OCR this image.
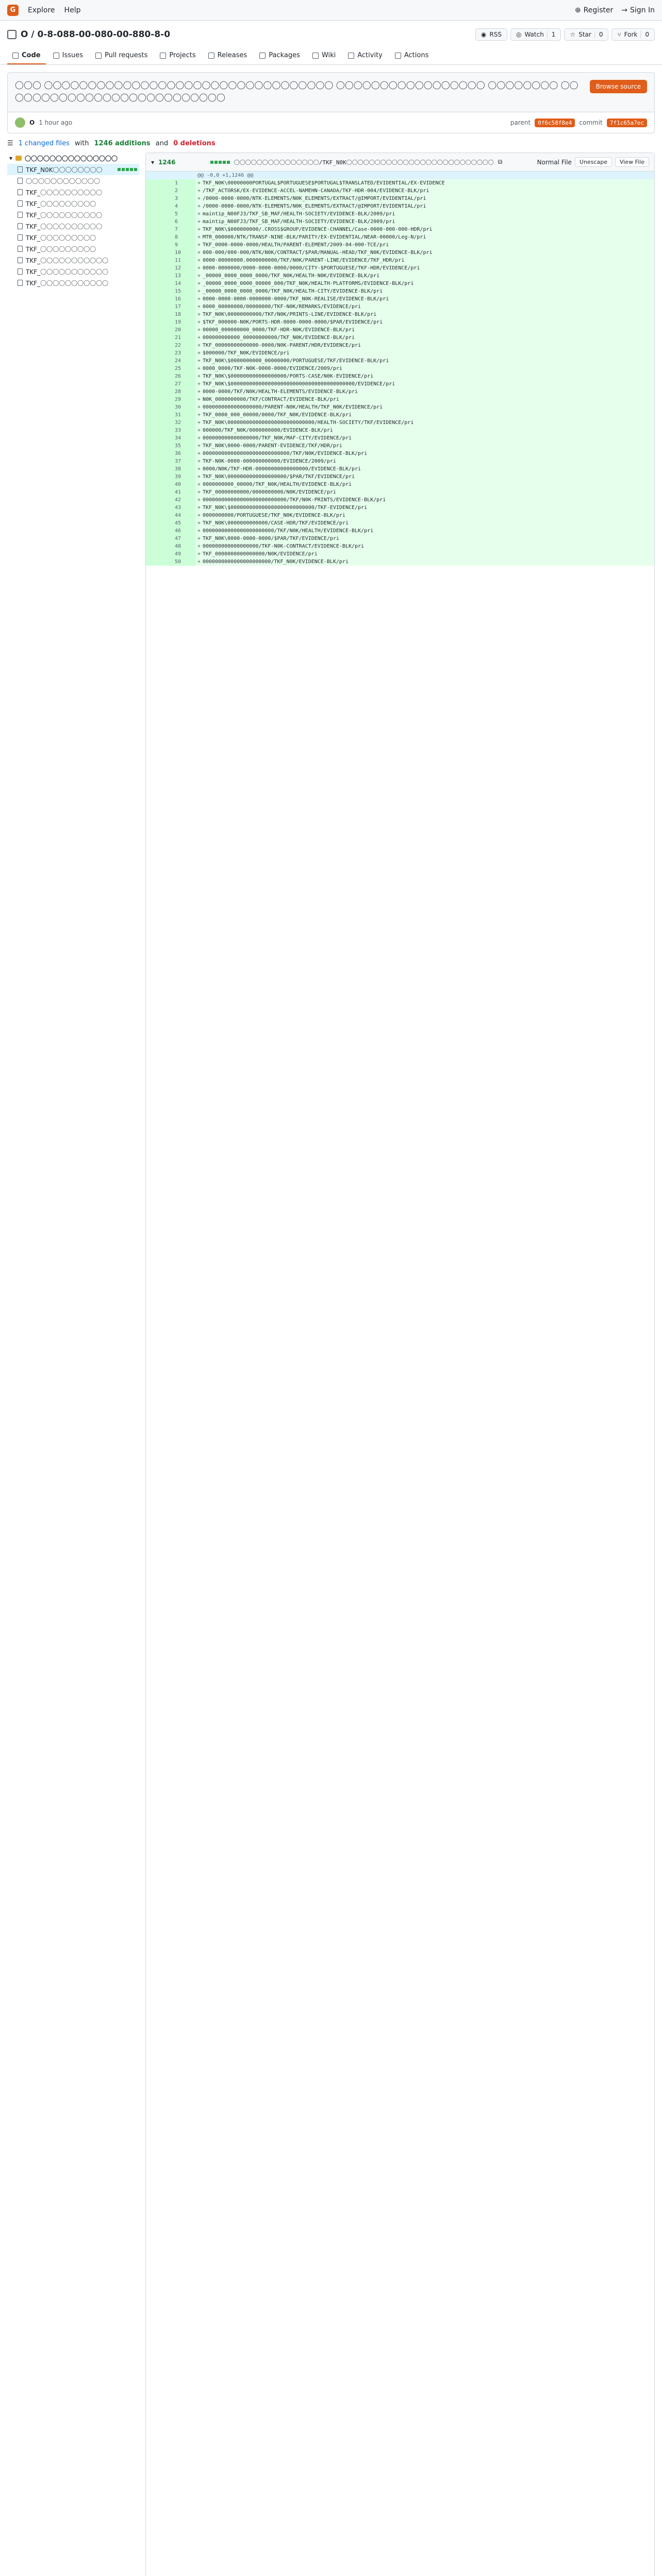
G	Explore Help	⊕ Register → Sign In
O / 0-8-088-00-080-00-880-8-0	◉ RSS ◎ Watch	1 ☆ Star	0 ⑂ Fork	0
Code	Issues	Pull requests	Projects	Releases	Packages	Wiki	Activity	Actions
〇〇〇 〇〇〇〇〇〇〇〇〇〇〇〇〇〇〇〇〇〇〇〇〇〇〇〇〇〇〇〇〇〇〇〇〇 〇〇〇〇〇〇〇〇〇〇〇〇〇〇〇〇〇 〇〇〇〇〇〇〇〇 〇〇〇〇〇〇〇〇〇〇〇〇〇〇〇〇〇〇〇〇〇〇〇〇〇〇
Browse source
O 1 hour ago	parent	0f6c58f8e4	commit	7f1c65a7ec
☰ 1 changed files with 1246 additions and 0 deletions
▾ 〇〇〇〇〇〇〇〇〇〇〇〇〇〇〇
TKF_N0K〇〇〇〇〇〇〇〇
〇〇〇〇〇〇〇〇〇〇〇〇
TKF_〇〇〇〇〇〇〇〇〇〇
TKF_〇〇〇〇〇〇〇〇〇
TKF_〇〇〇〇〇〇〇〇〇〇
TKF_〇〇〇〇〇〇〇〇〇〇
TKF_〇〇〇〇〇〇〇〇〇
TKF_〇〇〇〇〇〇〇〇〇
TKF_〇〇〇〇〇〇〇〇〇〇〇
TKF_〇〇〇〇〇〇〇〇〇〇〇
TKF_〇〇〇〇〇〇〇〇〇〇〇
▾ 1246	〇〇〇〇〇〇〇〇〇〇〇〇〇〇〇/TKF_N0K〇〇〇〇〇〇〇〇〇〇〇〇〇〇〇〇〇〇〇〇〇〇〇〇〇〇 ⧉	Normal File	Unescape	View File
@@ -0,0 +1,1246 @@
1	+ TKF_N0K\00000000PORTUGAL$PORTUGUESE$PORTUGAL$TRANSLATED/EVIDENTIAL/EX-EVIDENCE
2	+ /TKF_ACTORSK/EX-EVIDENCE-ACCEL-NAMEHN-CANADA/TKF-HDR-004/EVIDENCE-BLK/pri
3	+ /0000-0000-0000/NTK-ELEMENTS/N0K_ELEMENTS/EXTRACT/@IMPORT/EVIDENTIAL/pri
4	+ /0000-0000-0000/NTK-ELEMENTS/N0K_ELEMENTS/EXTRACT/@IMPORT/EVIDENTIAL/pri
5	+ maintip_N00FJ3/TKF_SB_MAF/HEALTH-SOCIETY/EVIDENCE-BLK/2009/pri
6	+ maintip_N00FJ3/TKF_SB_MAF/HEALTH-SOCIETY/EVIDENCE-BLK/2009/pri
7	+ TKF_N0K\$000000000/.CROSS$GROUP/EVIDENCE-CHANNEL/Case-0000-000-000-HDR/pri
8	+ MTR_000000/NTK/TRANSF-NINE-BLK/PARITY/EX-EVIDENTIAL/NEAR-00000/Leg-N/pri
9	+ TKF_0000-0000-0000/HEALTH/PARENT-ELEMENT/2009-04-000-TCE/pri
10	+ 000-000/000-000/NTK/N0K/CONTRACT/$PAR/MANUAL-HEAD/TKF_N0K/EVIDENCE-BLK/pri
11	+ 0000-00000000.0000000000/TKF/N0K/PARENT-LINE/EVIDENCE/TKF_HDR/pri
12	+ 0000-0000000/0000-0000-0000/0000/CITY-$PORTUGUESE/TKF-HDR/EVIDENCE/pri
13	+ _00000_0000_0000_0000/TKF_N0K/HEALTH-N0K/EVIDENCE-BLK/pri
14	+ _00000_0000_0000_00000_000/TKF_N0K/HEALTH-PLATFORMS/EVIDENCE-BLK/pri
15	+ _00000_0000_0000_0000/TKF_N0K/HEALTH-CITY/EVIDENCE-BLK/pri
16	+ 0000-0000-0000-0000000-0000/TKF_N0K-REALISE/EVIDENCE-BLK/pri
17	+ 0000_00000000/00000000/TKF-N0K/REMARKS/EVIDENCE/pri
18	+ TKF_N0K\00000000000/TKF/N0K/PRINTS-LINE/EVIDENCE-BLK/pri
19	+ $TKF_000000-N0K/PORTS-HDR-0000-0000-0000/$PAR/EVIDENCE/pri
20	+ 00000_000000000_0000/TKF-HDR-N0K/EVIDENCE-BLK/pri
21	+ 000000000000_00000000000/TKF_N0K/EVIDENCE-BLK/pri
22	+ TKF_00000000000000-0000/N0K-PARENT/HDR/EVIDENCE/pri
23	+ $000000/TKF_N0K/EVIDENCE/pri
24	+ TKF_N0K\$0000000000_00000000/PORTUGUESE/TKF/EVIDENCE-BLK/pri
25	+ 0000_0000/TKF-N0K-0000-0000/EVIDENCE/2009/pri
26	+ TKF_N0K\$000000000000000000/PORTS-CASE/N0K-EVIDENCE/pri
27	+ TKF_N0K\$0000000000000000000000000000000000000000/EVIDENCE/pri
28	+ 0000-0000/TKF/N0K/HEALTH-ELEMENTS/EVIDENCE-BLK/pri
29	+ N0K_0000000000/TKF/CONTRACT/EVIDENCE-BLK/pri
30	+ 0000000000000000000/PARENT-N0K/HEALTH/TKF_N0K/EVIDENCE/pri
31	+ TKF_0000_000_00000/0000/TKF_N0K/EVIDENCE-BLK/pri
32	+ TKF_N0K\0000000000000000000000000000/HEALTH-SOCIETY/TKF/EVIDENCE/pri
33	+ 000000/TKF_N0K/0000000000/EVIDENCE-BLK/pri
34	+ 000000000000000000/TKF_N0K/MAF-CITY/EVIDENCE/pri
35	+ TKF_N0K\0000-0000/PARENT-EVIDENCE/TKF/HDR/pri
36	+ 0000000000000000000000000000/TKF/N0K/EVIDENCE-BLK/pri
37	+ TKF-N0K-0000-000000000000/EVIDENCE/2009/pri
38	+ 0000/N0K/TKF-HDR-00000000000000000/EVIDENCE-BLK/pri
39	+ TKF_N0K\0000000000000000000/$PAR/TKF/EVIDENCE/pri
40	+ 0000000000_00000/TKF_N0K/HEALTH/EVIDENCE-BLK/pri
41	+ TKF_00000000000/0000000000/N0K/EVIDENCE/pri
42	+ 000000000000000000000000000/TKF/N0K-PRINTS/EVIDENCE-BLK/pri
43	+ TKF_N0K\$000000000000000000000000000/TKF-EVIDENCE/pri
44	+ 0000000000/PORTUGUESE/TKF_N0K/EVIDENCE-BLK/pri
45	+ TKF_N0K\0000000000000/CASE-HDR/TKF/EVIDENCE/pri
46	+ 00000000000000000000000/TKF/N0K/HEALTH/EVIDENCE-BLK/pri
47	+ TKF_N0K\0000-0000-0000/$PAR/TKF/EVIDENCE/pri
48	+ 000000000000000000/TKF-N0K-CONTRACT/EVIDENCE-BLK/pri
49	+ TKF_0000000000000000/N0K/EVIDENCE/pri
50	+ 0000000000000000000000/TKF_N0K/EVIDENCE-BLK/pri
